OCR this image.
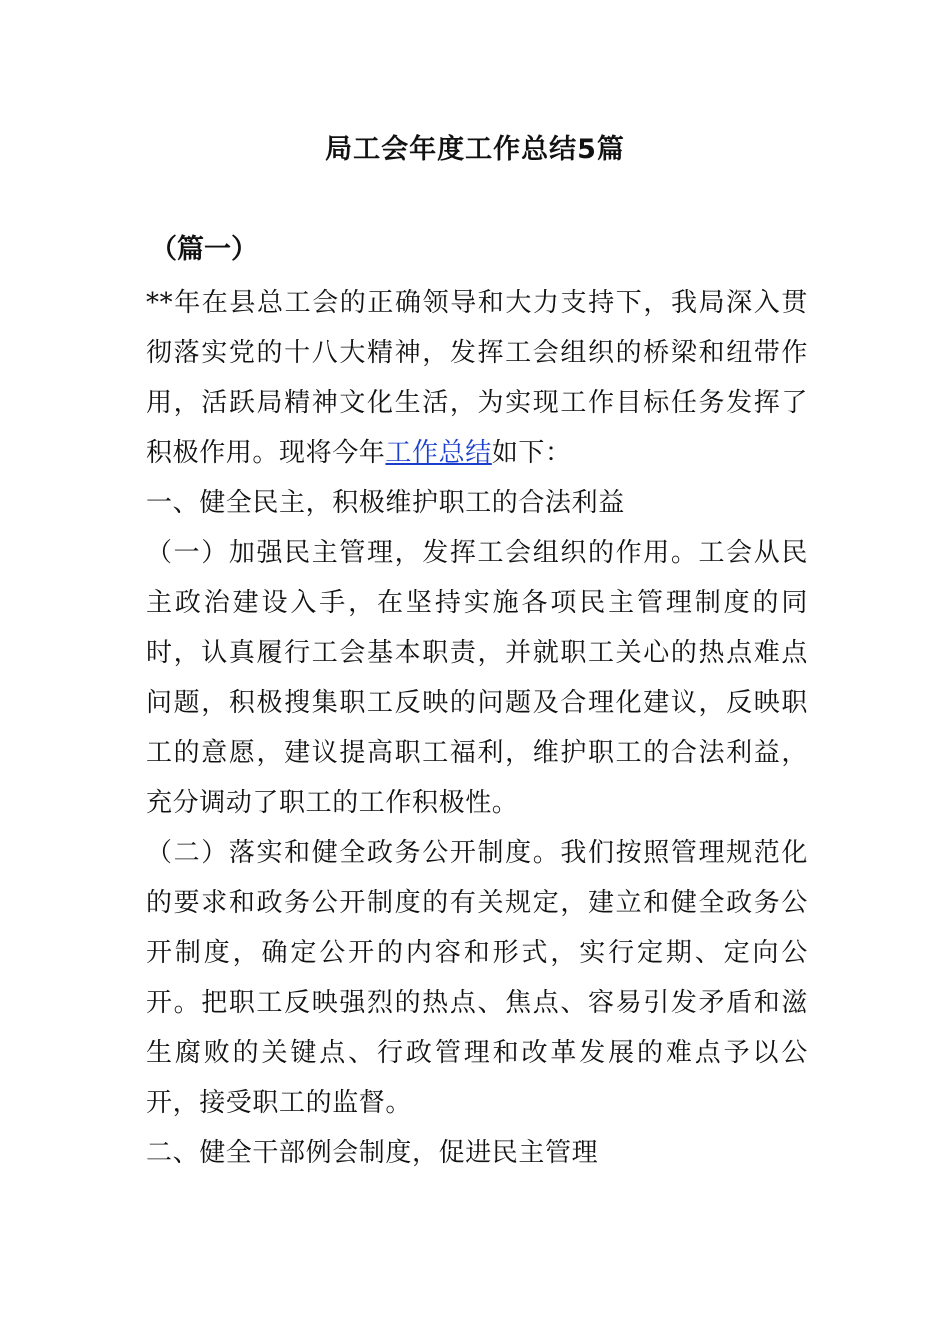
局工会年度工作总结5篇
（篇一）

**年在县总工会的正确领导和大力支持下，我局深入贯彻落实党的十八大精神，发挥工会组织的桥梁和纽带作用，活跃局精神文化生活，为实现工作目标任务发挥了积极作用。现将今年工作总结如下：

一、健全民主，积极维护职工的合法利益

（一）加强民主管理，发挥工会组织的作用。工会从民主政治建设入手，在坚持实施各项民主管理制度的同时，认真履行工会基本职责，并就职工关心的热点难点问题，积极搜集职工反映的问题及合理化建议，反映职工的意愿，建议提高职工福利，维护职工的合法利益，充分调动了职工的工作积极性。

（二）落实和健全政务公开制度。我们按照管理规范化的要求和政务公开制度的有关规定，建立和健全政务公开制度，确定公开的内容和形式，实行定期、定向公开。把职工反映强烈的热点、焦点、容易引发矛盾和滋生腐败的关键点、行政管理和改革发展的难点予以公开，接受职工的监督。

二、健全干部例会制度，促进民主管理
